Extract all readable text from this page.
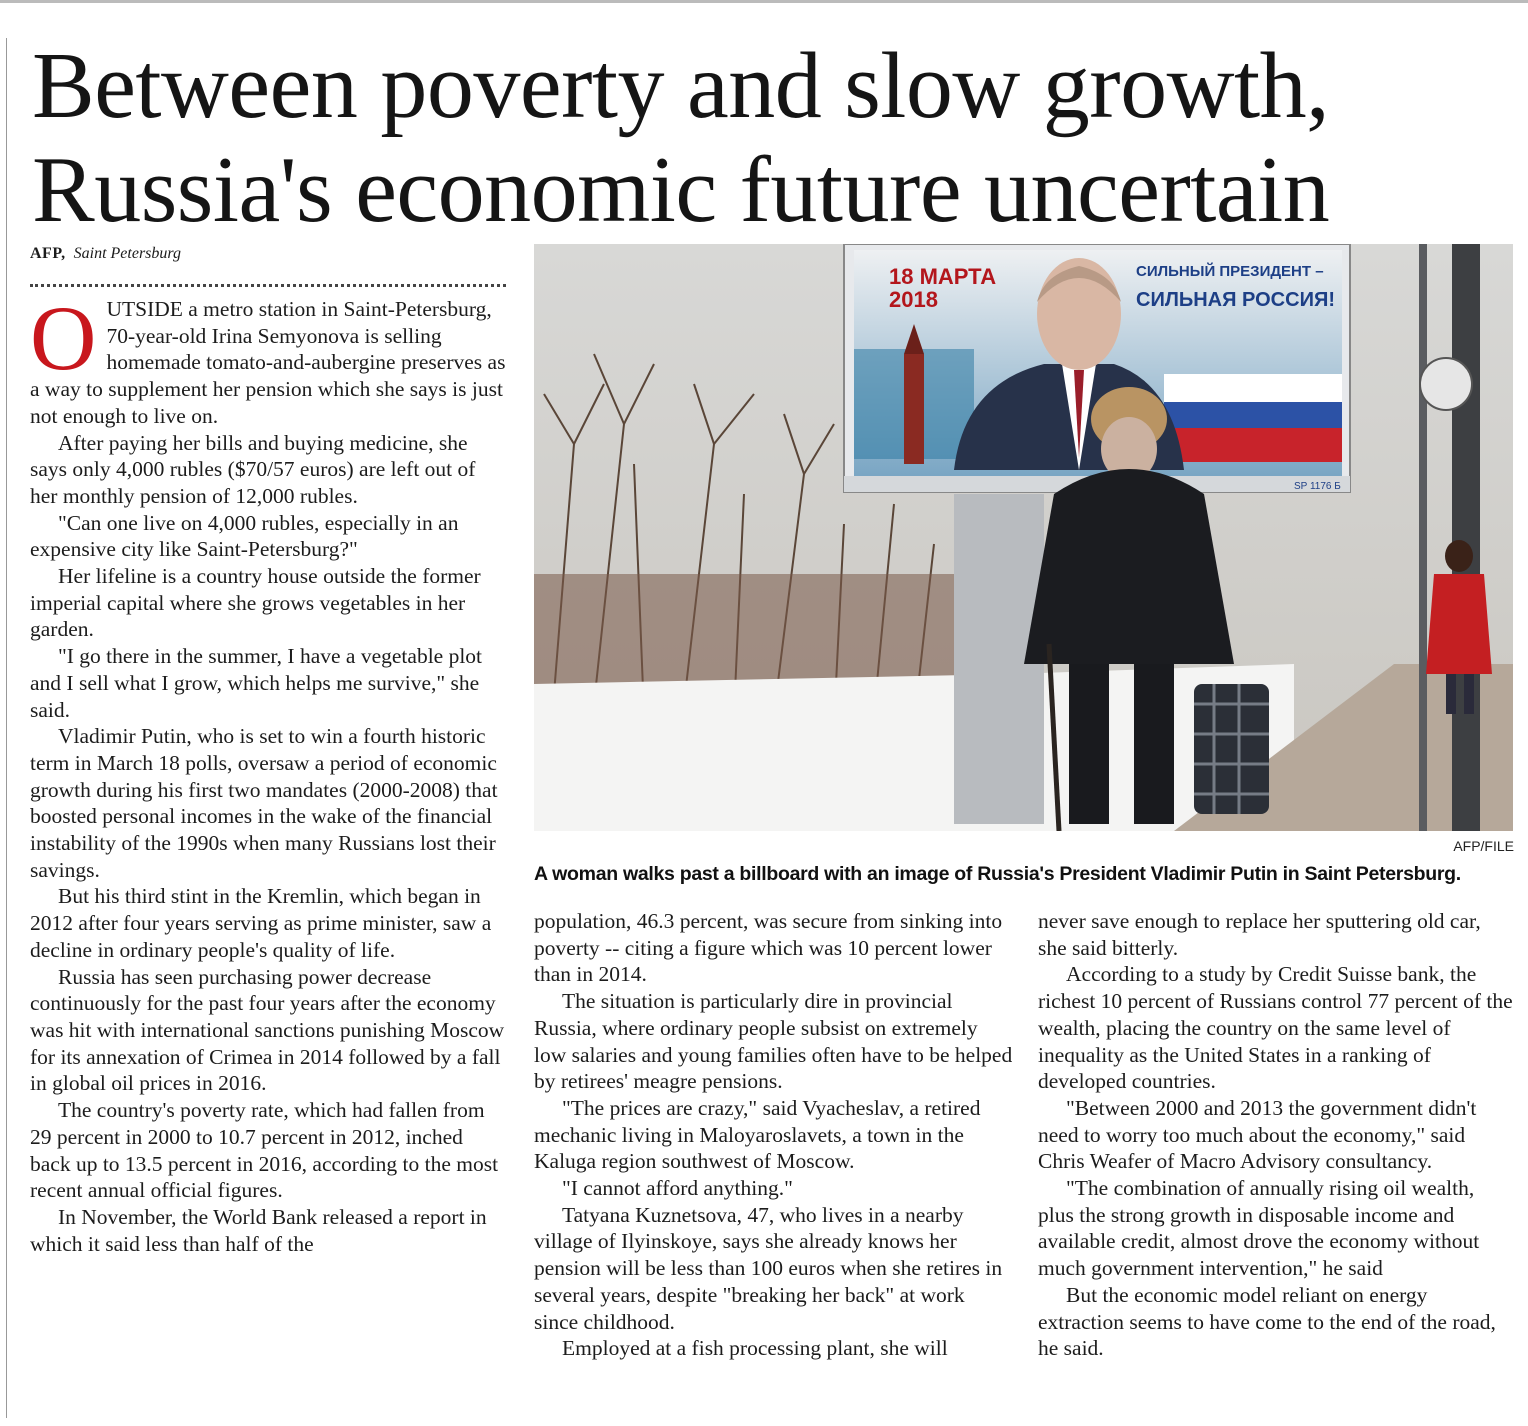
Between poverty and slow growth, Russia's economic future uncertain
AFP, Saint Petersburg

OUTSIDE a metro station in Saint-Petersburg, 70-year-old Irina Semyonova is selling homemade tomato-and-aubergine preserves as a way to supplement her pension which she says is just not enough to live on.

After paying her bills and buying medicine, she says only 4,000 rubles ($70/57 euros) are left out of her monthly pension of 12,000 rubles.

"Can one live on 4,000 rubles, especially in an expensive city like Saint-Petersburg?"

Her lifeline is a country house outside the former imperial capital where she grows vegetables in her garden.

"I go there in the summer, I have a vegetable plot and I sell what I grow, which helps me survive," she said.

Vladimir Putin, who is set to win a fourth historic term in March 18 polls, oversaw a period of economic growth during his first two mandates (2000-2008) that boosted personal incomes in the wake of the financial instability of the 1990s when many Russians lost their savings.

But his third stint in the Kremlin, which began in 2012 after four years serving as prime minister, saw a decline in ordinary people's quality of life.

Russia has seen purchasing power decrease continuously for the past four years after the economy was hit with international sanctions punishing Moscow for its annexation of Crimea in 2014 followed by a fall in global oil prices in 2016.

The country's poverty rate, which had fallen from 29 percent in 2000 to 10.7 percent in 2012, inched back up to 13.5 percent in 2016, according to the most recent annual official figures.

In November, the World Bank released a report in which it said less than half of the

18 МАРТА
2018
СИЛЬНЫЙ ПРЕЗИДЕНТ –
СИЛЬНАЯ РОССИЯ!
SP 1176 Б
AFP/FILE
A woman walks past a billboard with an image of Russia's President Vladimir Putin in Saint Petersburg.

population, 46.3 percent, was secure from sinking into poverty -- citing a figure which was 10 percent lower than in 2014.

The situation is particularly dire in provincial Russia, where ordinary people subsist on extremely low salaries and young families often have to be helped by retirees' meagre pensions.

"The prices are crazy," said Vyacheslav, a retired mechanic living in Maloyaroslavets, a town in the Kaluga region southwest of Moscow.

"I cannot afford anything."

Tatyana Kuznetsova, 47, who lives in a nearby village of Ilyinskoye, says she already knows her pension will be less than 100 euros when she retires in several years, despite "breaking her back" at work since childhood.

Employed at a fish processing plant, she will

never save enough to replace her sputtering old car, she said bitterly.

According to a study by Credit Suisse bank, the richest 10 percent of Russians control 77 percent of the wealth, placing the country on the same level of inequality as the United States in a ranking of developed countries.

"Between 2000 and 2013 the government didn't need to worry too much about the economy," said Chris Weafer of Macro Advisory consultancy.

"The combination of annually rising oil wealth, plus the strong growth in disposable income and available credit, almost drove the economy without much government intervention," he said

But the economic model reliant on energy extraction seems to have come to the end of the road, he said.
